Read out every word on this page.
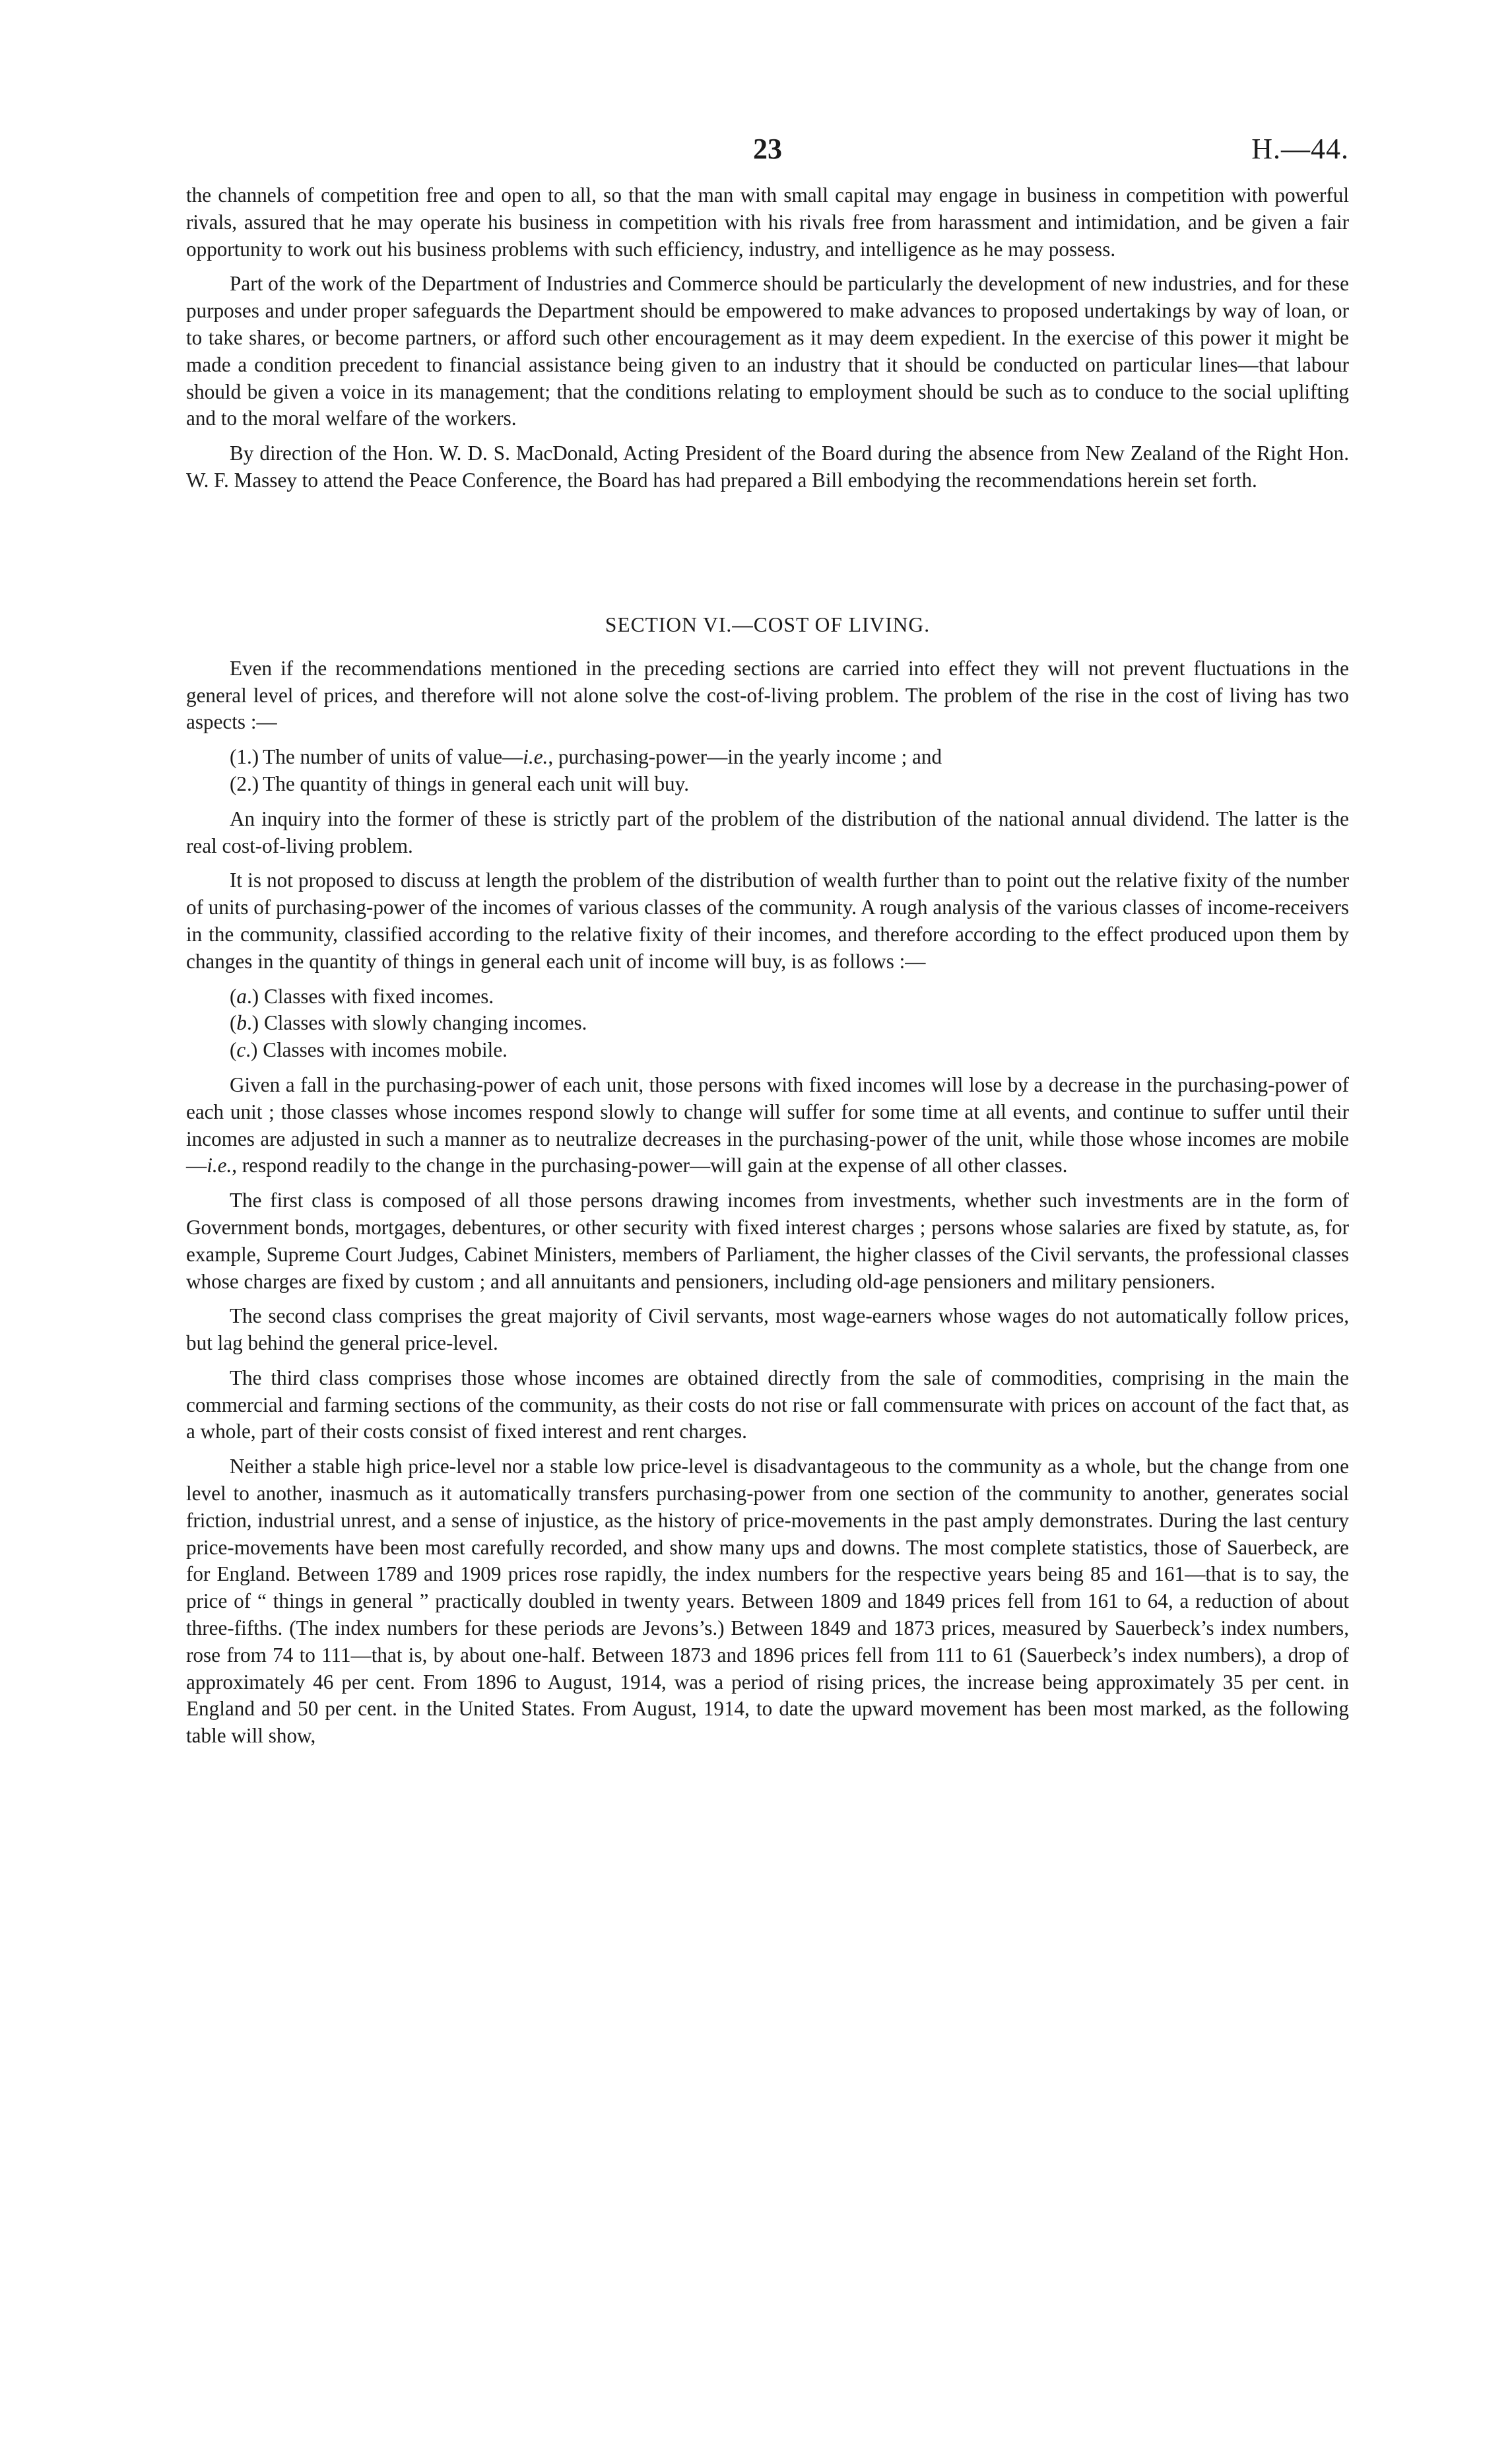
23	H.—44.

the channels of competition free and open to all, so that the man with small capital may engage in business in competition with powerful rivals, assured that he may operate his business in competition with his rivals free from harassment and intimidation, and be given a fair opportunity to work out his business problems with such efficiency, industry, and intelligence as he may possess.

Part of the work of the Department of Industries and Commerce should be particularly the development of new industries, and for these purposes and under proper safeguards the Department should be empowered to make advances to proposed undertakings by way of loan, or to take shares, or become partners, or afford such other encouragement as it may deem expedient. In the exercise of this power it might be made a condition precedent to financial assistance being given to an industry that it should be conducted on particular lines—that labour should be given a voice in its management; that the conditions relating to employment should be such as to conduce to the social uplifting and to the moral welfare of the workers.

By direction of the Hon. W. D. S. MacDonald, Acting President of the Board during the absence from New Zealand of the Right Hon. W. F. Massey to attend the Peace Conference, the Board has had prepared a Bill embodying the recommendations herein set forth.

SECTION VI.—COST OF LIVING.

Even if the recommendations mentioned in the preceding sections are carried into effect they will not prevent fluctuations in the general level of prices, and therefore will not alone solve the cost-of-living problem. The problem of the rise in the cost of living has two aspects :—

(1.) The number of units of value—i.e., purchasing-power—in the yearly income ; and
(2.) The quantity of things in general each unit will buy.

An inquiry into the former of these is strictly part of the problem of the distribution of the national annual dividend. The latter is the real cost-of-living problem.

It is not proposed to discuss at length the problem of the distribution of wealth further than to point out the relative fixity of the number of units of purchasing-power of the incomes of various classes of the community. A rough analysis of the various classes of income-receivers in the community, classified according to the relative fixity of their incomes, and therefore according to the effect produced upon them by changes in the quantity of things in general each unit of income will buy, is as follows :—

(a.) Classes with fixed incomes.
(b.) Classes with slowly changing incomes.
(c.) Classes with incomes mobile.

Given a fall in the purchasing-power of each unit, those persons with fixed incomes will lose by a decrease in the purchasing-power of each unit ; those classes whose incomes respond slowly to change will suffer for some time at all events, and continue to suffer until their incomes are adjusted in such a manner as to neutralize decreases in the purchasing-power of the unit, while those whose incomes are mobile—i.e., respond readily to the change in the purchasing-power—will gain at the expense of all other classes.

The first class is composed of all those persons drawing incomes from investments, whether such investments are in the form of Government bonds, mortgages, debentures, or other security with fixed interest charges ; persons whose salaries are fixed by statute, as, for example, Supreme Court Judges, Cabinet Ministers, members of Parliament, the higher classes of the Civil servants, the professional classes whose charges are fixed by custom ; and all annuitants and pensioners, including old-age pensioners and military pensioners.

The second class comprises the great majority of Civil servants, most wage-earners whose wages do not automatically follow prices, but lag behind the general price-level.

The third class comprises those whose incomes are obtained directly from the sale of commodities, comprising in the main the commercial and farming sections of the community, as their costs do not rise or fall commensurate with prices on account of the fact that, as a whole, part of their costs consist of fixed interest and rent charges.

Neither a stable high price-level nor a stable low price-level is disadvantageous to the community as a whole, but the change from one level to another, inasmuch as it automatically transfers purchasing-power from one section of the community to another, generates social friction, industrial unrest, and a sense of injustice, as the history of price-movements in the past amply demonstrates. During the last century price-movements have been most carefully recorded, and show many ups and downs. The most complete statistics, those of Sauerbeck, are for England. Between 1789 and 1909 prices rose rapidly, the index numbers for the respective years being 85 and 161—that is to say, the price of “ things in general ” practically doubled in twenty years. Between 1809 and 1849 prices fell from 161 to 64, a reduction of about three-fifths. (The index numbers for these periods are Jevons’s.) Between 1849 and 1873 prices, measured by Sauerbeck’s index numbers, rose from 74 to 111—that is, by about one-half. Between 1873 and 1896 prices fell from 111 to 61 (Sauerbeck’s index numbers), a drop of approximately 46 per cent. From 1896 to August, 1914, was a period of rising prices, the increase being approximately 35 per cent. in England and 50 per cent. in the United States. From August, 1914, to date the upward movement has been most marked, as the following table will show,
